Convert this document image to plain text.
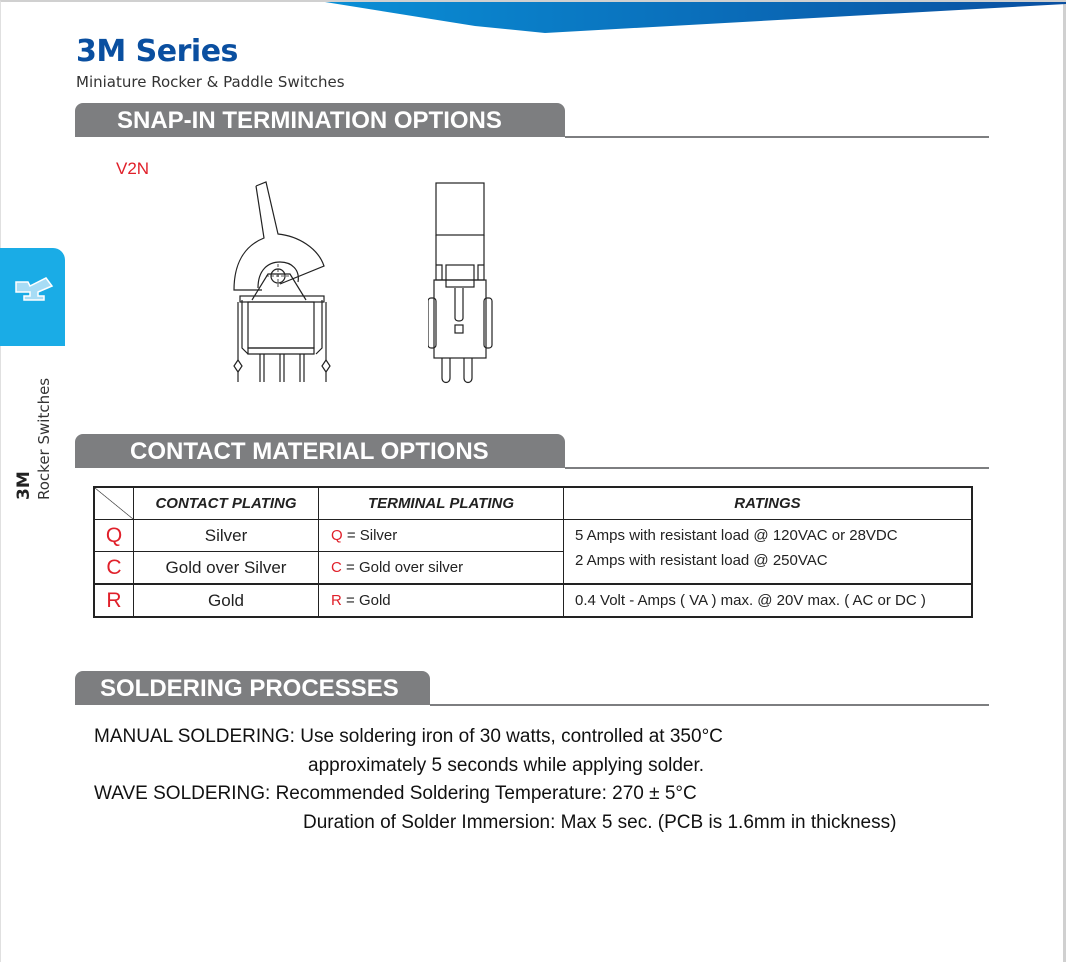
3M Series
Miniature Rocker & Paddle Switches
3M Rocker Switches
SNAP-IN TERMINATION OPTIONS
V2N
CONTACT MATERIAL OPTIONS
	CONTACT PLATING	TERMINAL PLATING	RATINGS
Q	Silver	Q = Silver	5 Amps with resistant load @ 120VAC or 28VDC
C	Gold over Silver	C = Gold over silver	2 Amps with resistant load @ 250VAC
R	Gold	R = Gold	0.4 Volt - Amps ( VA ) max. @ 20V max. ( AC or DC )
SOLDERING PROCESSES
MANUAL SOLDERING: Use soldering iron of 30 watts, controlled at 350°C
approximately 5 seconds while applying solder.
WAVE SOLDERING: Recommended Soldering Temperature: 270 ± 5°C
Duration of Solder Immersion: Max 5 sec. (PCB is 1.6mm in thickness)
